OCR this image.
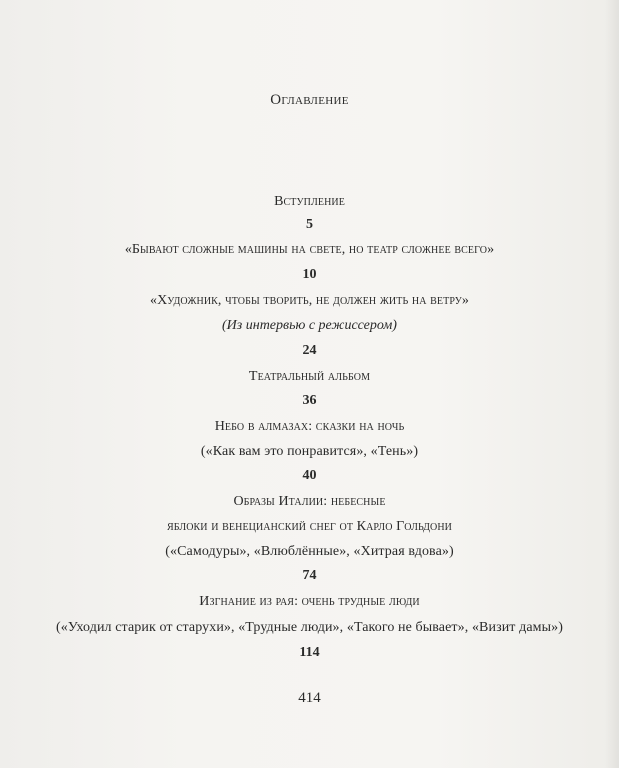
Оглавление
Вступление
5
«Бывают сложные машины на свете, но театр сложнее всего»
10
«Художник, чтобы творить, не должен жить на ветру»
(Из интервью с режиссером)
24
Театральный альбом
36
Небо в алмазах: сказки на ночь
(«Как вам это понравится», «Тень»)
40
Образы Италии: небесные
яблоки и венецианский снег от Карло Гольдони
(«Самодуры», «Влюблённые», «Хитрая вдова»)
74
Изгнание из рая: очень трудные люди
(«Уходил старик от старухи», «Трудные люди», «Такого не бывает», «Визит дамы»)
114
414
